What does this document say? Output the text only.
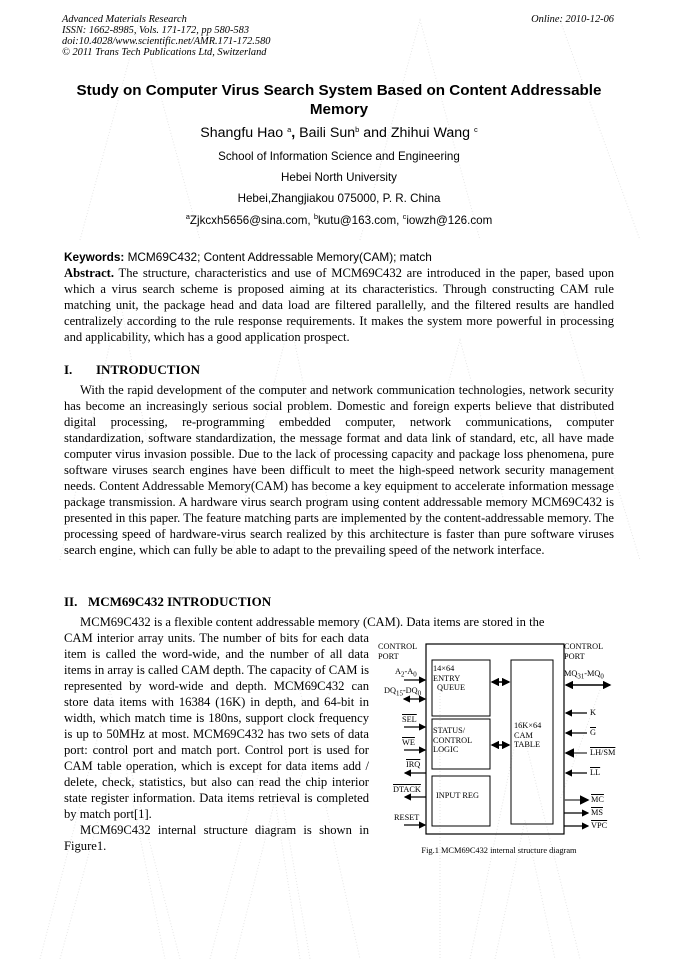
Advanced Materials Research
ISSN: 1662-8985, Vols. 171-172, pp 580-583
doi:10.4028/www.scientific.net/AMR.171-172.580
© 2011 Trans Tech Publications Ltd, Switzerland
Online: 2010-12-06
Study on Computer Virus Search System Based on Content Addressable Memory
Shangfu Hao $^a$, Baili Sun$^b$ and Zhihui Wang $^c$
School of Information Science and Engineering
Hebei North University
Hebei,Zhangjiakou 075000, P. R. China
$^a$Zjkcxh5656@sina.com, $^b$kutu@163.com, $^c$iowzh@126.com

Keywords: MCM69C432; Content Addressable Memory(CAM); match

Abstract. The structure, characteristics and use of MCM69C432 are introduced in the paper, based upon which a virus search scheme is proposed aiming at its characteristics. Through constructing CAM rule matching unit, the package head and data load are filtered parallelly, and the filtered results are handled centralizely according to the rule response requirements. It makes the system more powerful in processing and applicability, which has a good application prospect.

I. INTRODUCTION

With the rapid development of the computer and network communication technologies, network security has become an increasingly serious social problem. Domestic and foreign experts believe that distributed digital processing, re-programming embedded computer, network communications, computer standardization, software standardization, the message format and data link of standard, etc, all have made computer virus invasion possible. Due to the lack of processing capacity and package loss phenomena, pure software viruses search engines have been difficult to meet the high-speed network security management needs. Content Addressable Memory(CAM) has become a key equipment to accelerate information message package transmission. A hardware virus search program using content addressable memory MCM69C432 is presented in this paper. The feature matching parts are implemented by the content-addressable memory. The processing speed of hardware-virus search realized by this architecture is faster than pure software viruses search engine, which can fully be able to adapt to the prevailing speed of the network interface.

II. MCM69C432 INTRODUCTION

MCM69C432 is a flexible content addressable memory (CAM). Data items are stored in the

CAM interior array units. The number of bits for each data item is called the word-wide, and the number of all data items in array is called CAM depth. The capacity of CAM is represented by word-wide and depth. MCM69C432 can store data items with 16384 (16K) in depth, and 64-bit in width, which match time is 180ns, support clock frequency is up to 50MHz at most. MCM69C432 has two sets of data port: control port and match port. Control port is used for CAM table operation, which is except for data items add / delete, check, statistics, but also can read the chip interior state register information. Data items retrieval is completed by match port[1].

MCM69C432 internal structure diagram is shown in Figure1.

CONTROL
PORT
CONTROL
PORT
14×64
ENTRY
QUEUE
STATUS/
CONTROL
LOGIC
INPUT REG
16K×64
CAM
TABLE
$A_2-A_0$
$DQ_{15}-DQ_0$
$\overline{SEL}$
$\overline{WE}$
$\overline{IRQ}$
DTACK
RESET
$MQ_{31}-MQ_0$
K
$\overline{G}$
LH/SM
$\overline{LL}$
$\overline{MC}$
$\overline{MS}$
$\overline{VPC}$
Fig.1 MCM69C432 internal structure diagram
